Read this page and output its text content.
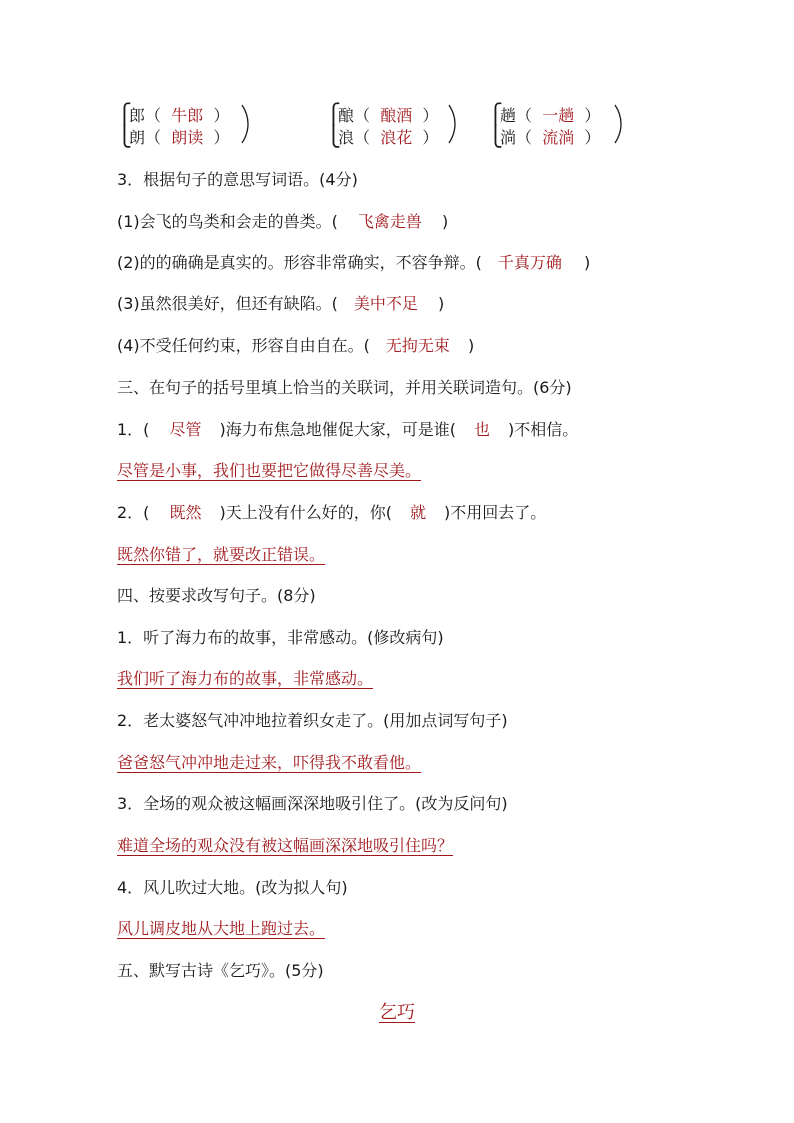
⎧
⎩
郎（  牛郎  ）
朗（  朗读  ）
⎧
⎩
酿（  酿酒  ）
浪（  浪花  ）
⎧
⎩
趟（  一趟  ）
淌（  流淌  ）
3．根据句子的意思写词语。(4分)
(1)会飞的鸟类和会走的兽类。( 飞禽走兽 )
(2)的的确确是真实的。形容非常确实，不容争辩。( 千真万确 )
(3)虽然很美好，但还有缺陷。( 美中不足 )
(4)不受任何约束，形容自由自在。( 无拘无束 )
三、在句子的括号里填上恰当的关联词，并用关联词造句。(6分)
1．( 尽管 )海力布焦急地催促大家，可是谁( 也 )不相信。
尽管是小事，我们也要把它做得尽善尽美。
2．( 既然 )天上没有什么好的，你( 就 )不用回去了。
既然你错了，就要改正错误。
四、按要求改写句子。(8分)
1．听了海力布的故事，非常感动。(修改病句)
我们听了海力布的故事，非常感动。
2．老太婆怒气冲冲地拉着织女走了。(用加点词写句子)
爸爸怒气冲冲地走过来，吓得我不敢看他。
3．全场的观众被这幅画深深地吸引住了。(改为反问句)
难道全场的观众没有被这幅画深深地吸引住吗？
4．风儿吹过大地。(改为拟人句)
风儿调皮地从大地上跑过去。
五、默写古诗《乞巧》。(5分)
乞巧
